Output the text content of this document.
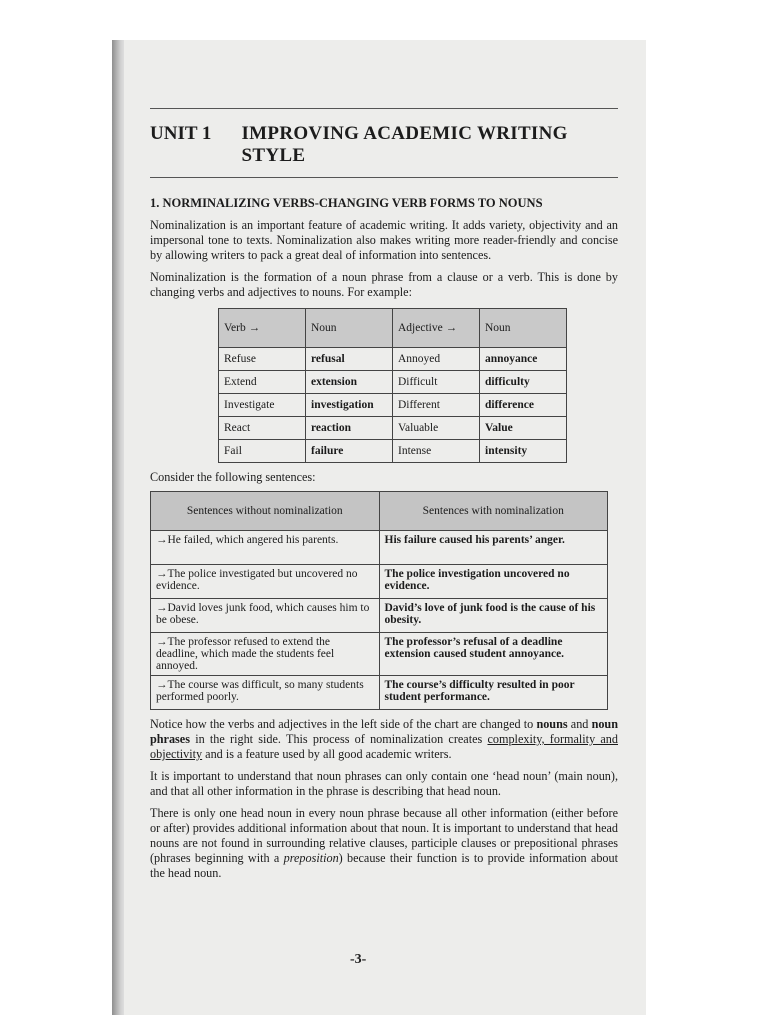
UNIT 1	IMPROVING ACADEMIC WRITING STYLE
1. NORMINALIZING VERBS-CHANGING VERB FORMS TO NOUNS

Nominalization is an important feature of academic writing. It adds variety, objectivity and an impersonal tone to texts. Nominalization also makes writing more reader-friendly and concise by allowing writers to pack a great deal of information into sentences.

Nominalization is the formation of a noun phrase from a clause or a verb. This is done by changing verbs and adjectives to nouns. For example:

Verb →	Noun	Adjective →	Noun
Refuse	refusal	Annoyed	annoyance
Extend	extension	Difficult	difficulty
Investigate	investigation	Different	difference
React	reaction	Valuable	Value
Fail	failure	Intense	intensity

Consider the following sentences:

Sentences without nominalization	Sentences with nominalization
→He failed, which angered his parents.	His failure caused his parents’ anger.
→The police investigated but uncovered no evidence.	The police investigation uncovered no evidence.
→David loves junk food, which causes him to be obese.	David’s love of junk food is the cause of his obesity.
→The professor refused to extend the deadline, which made the students feel annoyed.	The professor’s refusal of a deadline extension caused student annoyance.
→The course was difficult, so many students performed poorly.	The course’s difficulty resulted in poor student performance.

Notice how the verbs and adjectives in the left side of the chart are changed to nouns and noun phrases in the right side. This process of nominalization creates complexity, formality and objectivity and is a feature used by all good academic writers.

It is important to understand that noun phrases can only contain one ‘head noun’ (main noun), and that all other information in the phrase is describing that head noun.

There is only one head noun in every noun phrase because all other information (either before or after) provides additional information about that noun. It is important to understand that head nouns are not found in surrounding relative clauses, participle clauses or prepositional phrases (phrases beginning with a preposition) because their function is to provide information about the head noun.

-3-
